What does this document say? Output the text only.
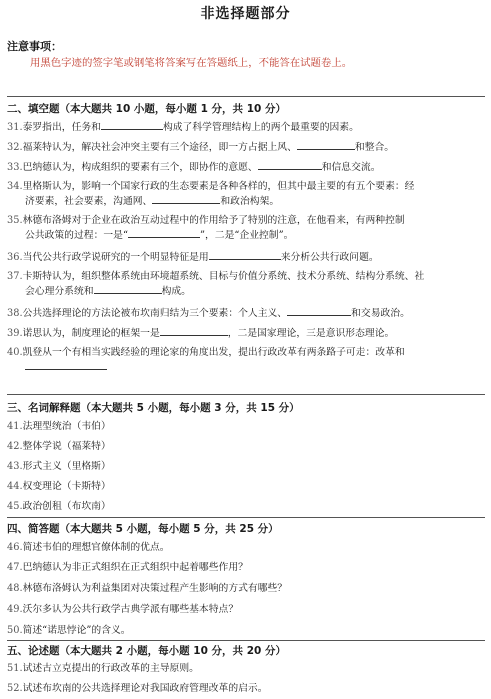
非选择题部分
注意事项：
用黑色字迹的签字笔或钢笔将答案写在答题纸上，不能答在试题卷上。
二、填空题（本大题共 10 小题，每小题 1 分，共 10 分）
31.泰罗指出，任务和	构成了科学管理结构上的两个最重要的因素。
32.福莱特认为，解决社会冲突主要有三个途径，即一方占据上风、	和整合。
33.巴纳德认为，构成组织的要素有三个，即协作的意愿、	和信息交流。
34.里格斯认为，影响一个国家行政的生态要素是各种各样的，但其中最主要的有五个要素：经
济要素，社会要素，沟通网、	和政治构架。
35.林德布洛姆对于企业在政治互动过程中的作用给予了特别的注意，在他看来，有两种控制
公共政策的过程：一是“	”，二是“企业控制”。
36.当代公共行政学说研究的一个明显特征是用	来分析公共行政问题。
37.卡斯特认为，组织整体系统由环境超系统、目标与价值分系统、技术分系统、结构分系统、社
会心理分系统和	构成。
38.公共选择理论的方法论被布坎南归结为三个要素：个人主义、	和交易政治。
39.诺思认为，制度理论的框架一是	，二是国家理论，三是意识形态理论。
40.凯登从一个有相当实践经验的理论家的角度出发，提出行政改革有两条路子可走：改革和
三、名词解释题（本大题共 5 小题，每小题 3 分，共 15 分）
41.法理型统治（韦伯）
42.整体学说（福莱特）
43.形式主义（里格斯）
44.权变理论（卡斯特）
45.政治创租（布坎南）
四、简答题（本大题共 5 小题，每小题 5 分，共 25 分）
46.简述韦伯的理想官僚体制的优点。
47.巴纳德认为非正式组织在正式组织中起着哪些作用？
48.林德布洛姆认为利益集团对决策过程产生影响的方式有哪些？
49.沃尔多认为公共行政学古典学派有哪些基本特点？
50.简述“诺思悖论”的含义。
五、论述题（本大题共 2 小题，每小题 10 分，共 20 分）
51.试述古立克提出的行政改革的主导原则。
52.试述布坎南的公共选择理论对我国政府管理改革的启示。
